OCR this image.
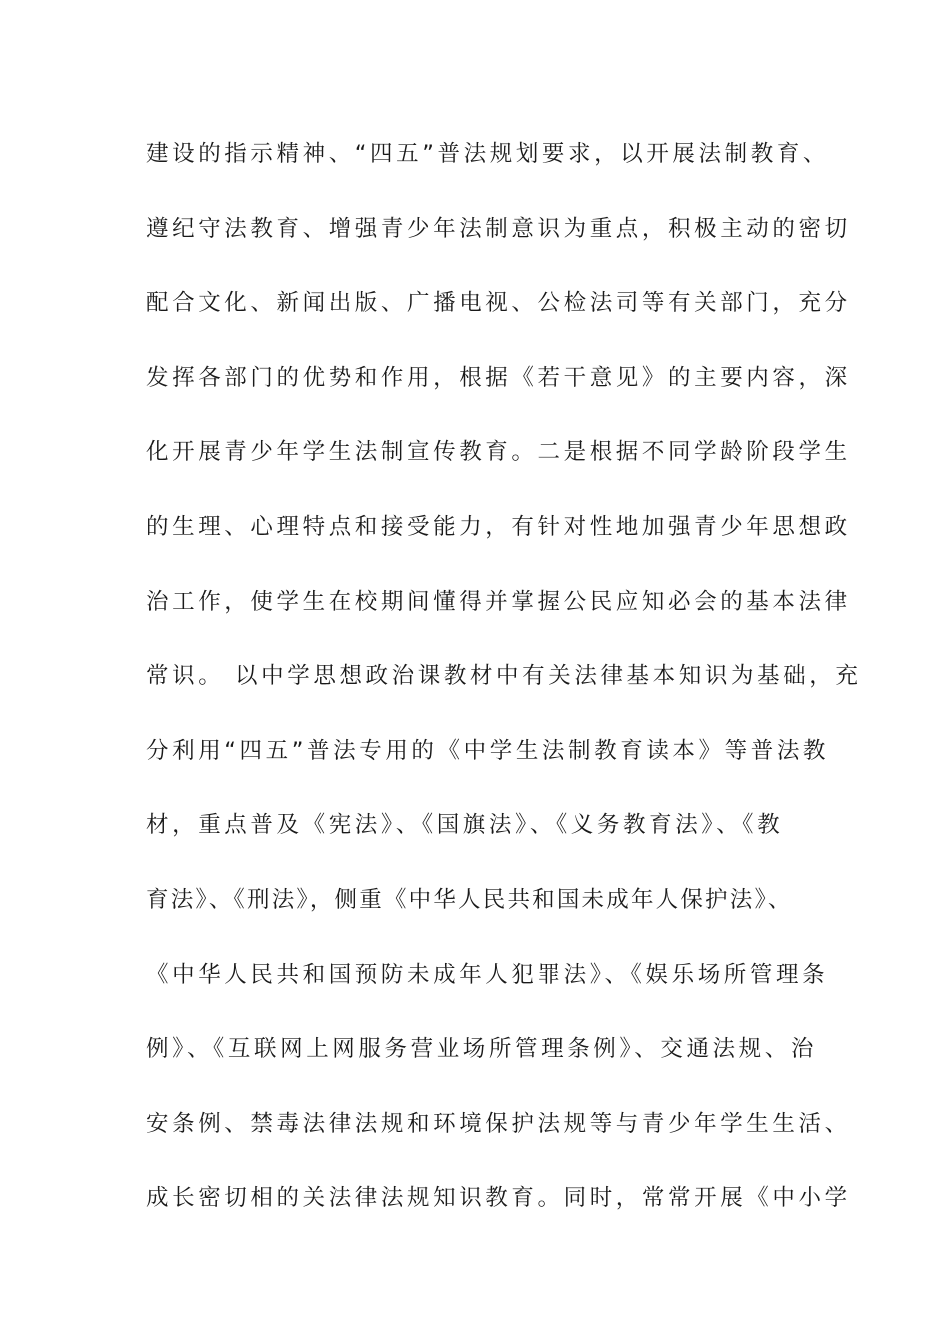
建设的指示精神、“四五”普法规划要求，以开展法制教育、
遵纪守法教育、增强青少年法制意识为重点，积极主动的密切
配合文化、新闻出版、广播电视、公检法司等有关部门，充分
发挥各部门的优势和作用，根据《若干意见》的主要内容，深
化开展青少年学生法制宣传教育。二是根据不同学龄阶段学生
的生理、心理特点和接受能力，有针对性地加强青少年思想政
治工作，使学生在校期间懂得并掌握公民应知必会的基本法律
常识。 以中学思想政治课教材中有关法律基本知识为基础，充
分利用“四五”普法专用的《中学生法制教育读本》等普法教
材，重点普及《宪法》、《国旗法》、《义务教育法》、《教
育法》、《刑法》，侧重《中华人民共和国未成年人保护法》、
《中华人民共和国预防未成年人犯罪法》、《娱乐场所管理条
例》、《互联网上网服务营业场所管理条例》、交通法规、治
安条例、禁毒法律法规和环境保护法规等与青少年学生生活、
成长密切相的关法律法规知识教育。同时，常常开展《中小学
